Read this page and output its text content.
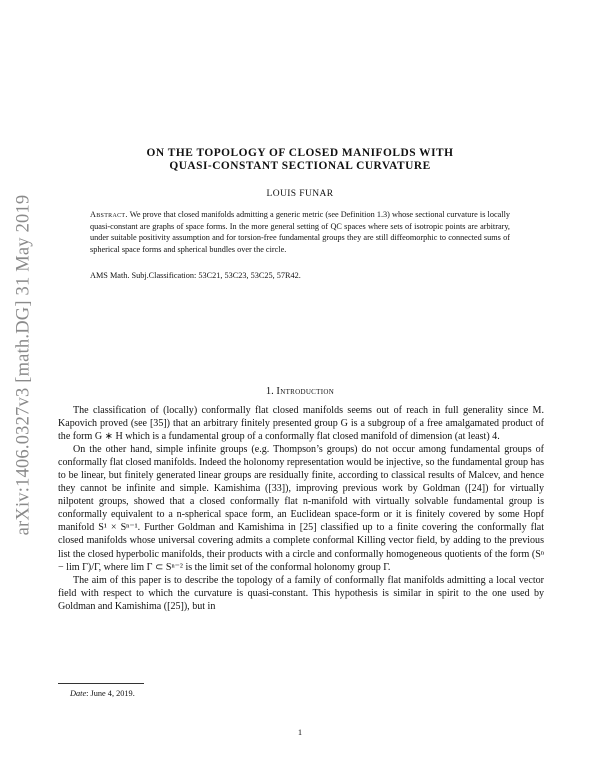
arXiv:1406.0327v3 [math.DG] 31 May 2019
ON THE TOPOLOGY OF CLOSED MANIFOLDS WITH
QUASI-CONSTANT SECTIONAL CURVATURE
LOUIS FUNAR
Abstract. We prove that closed manifolds admitting a generic metric (see Definition 1.3) whose sectional curvature is locally quasi-constant are graphs of space forms. In the more general setting of QC spaces where sets of isotropic points are arbitrary, under suitable positivity assumption and for torsion-free fundamental groups they are still diffeomorphic to connected sums of spherical space forms and spherical bundles over the circle.
AMS Math. Subj.Classification: 53C21, 53C23, 53C25, 57R42.
1. Introduction

The classification of (locally) conformally flat closed manifolds seems out of reach in full generality since M. Kapovich proved (see [35]) that an arbitrary finitely presented group G is a subgroup of a free amalgamated product of the form G ∗ H which is a fundamental group of a conformally flat closed manifold of dimension (at least) 4.

On the other hand, simple infinite groups (e.g. Thompson’s groups) do not occur among fundamental groups of conformally flat closed manifolds. Indeed the holonomy representation would be injective, so the fundamental group has to be linear, but finitely generated linear groups are residually finite, according to classical results of Malcev, and hence they cannot be infinite and simple. Kamishima ([33]), improving previous work by Goldman ([24]) for virtually nilpotent groups, showed that a closed conformally flat n-manifold with virtually solvable fundamental group is conformally equivalent to a n-spherical space form, an Euclidean space-form or it is finitely covered by some Hopf manifold S¹ × Sⁿ⁻¹. Further Goldman and Kamishima in [25] classified up to a finite covering the conformally flat closed manifolds whose universal covering admits a complete conformal Killing vector field, by adding to the previous list the closed hyperbolic manifolds, their products with a circle and conformally homogeneous quotients of the form (Sⁿ − lim Γ)/Γ, where lim Γ ⊂ Sⁿ⁻² is the limit set of the conformal holonomy group Γ.

The aim of this paper is to describe the topology of a family of conformally flat manifolds admitting a local vector field with respect to which the curvature is quasi-constant. This hypothesis is similar in spirit to the one used by Goldman and Kamishima ([25]), but in

Date: June 4, 2019.
1
